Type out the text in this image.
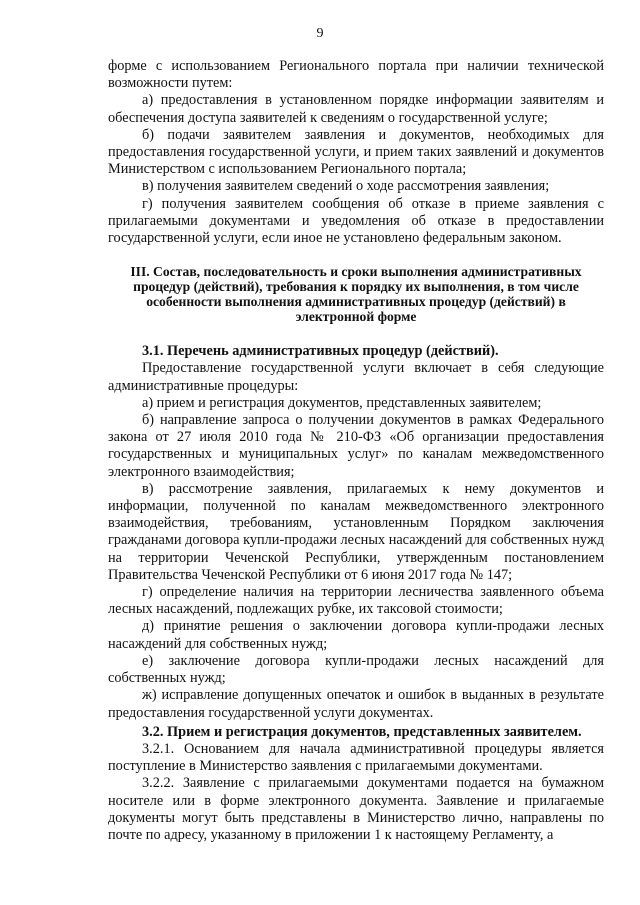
9

форме с использованием Регионального портала при наличии технической возможности путем:

а) предоставления в установленном порядке информации заявителям и обеспечения доступа заявителей к сведениям о государственной услуге;

б) подачи заявителем заявления и документов, необходимых для предоставления государственной услуги, и прием таких заявлений и документов Министерством с использованием Регионального портала;

в) получения заявителем сведений о ходе рассмотрения заявления;

г) получения заявителем сообщения об отказе в приеме заявления с прилагаемыми документами и уведомления об отказе в предоставлении государственной услуги, если иное не установлено федеральным законом.

III. Состав, последовательность и сроки выполнения административных процедур (действий), требования к порядку их выполнения, в том числе особенности выполнения административных процедур (действий) в электронной форме

3.1. Перечень административных процедур (действий).

Предоставление государственной услуги включает в себя следующие административные процедуры:

а) прием и регистрация документов, представленных заявителем;

б) направление запроса о получении документов в рамках Федерального закона от 27 июля 2010 года № 210-ФЗ «Об организации предоставления государственных и муниципальных услуг» по каналам межведомственного электронного взаимодействия;

в) рассмотрение заявления, прилагаемых к нему документов и информации, полученной по каналам межведомственного электронного взаимодействия, требованиям, установленным Порядком заключения гражданами договора купли-продажи лесных насаждений для собственных нужд на территории Чеченской Республики, утвержденным постановлением Правительства Чеченской Республики от 6 июня 2017 года № 147;

г) определение наличия на территории лесничества заявленного объема лесных насаждений, подлежащих рубке, их таксовой стоимости;

д) принятие решения о заключении договора купли-продажи лесных насаждений для собственных нужд;

е) заключение договора купли-продажи лесных насаждений для собственных нужд;

ж) исправление допущенных опечаток и ошибок в выданных в результате предоставления государственной услуги документах.

3.2. Прием и регистрация документов, представленных заявителем.

3.2.1. Основанием для начала административной процедуры является поступление в Министерство заявления с прилагаемыми документами.

3.2.2. Заявление с прилагаемыми документами подается на бумажном носителе или в форме электронного документа. Заявление и прилагаемые документы могут быть представлены в Министерство лично, направлены по почте по адресу, указанному в приложении 1 к настоящему Регламенту, а
